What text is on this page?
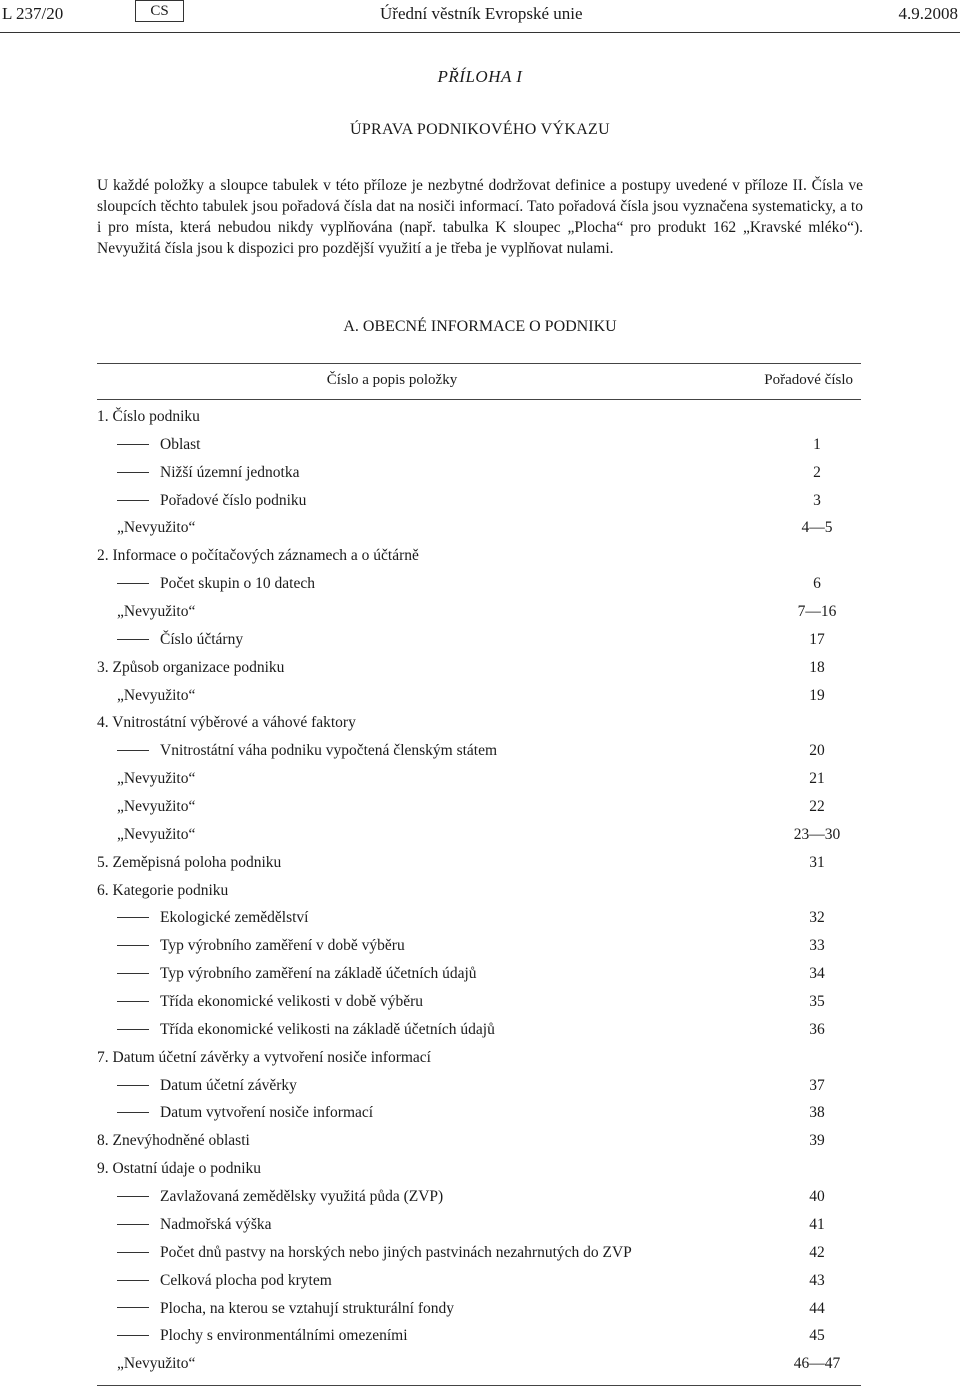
L 237/20	CS	Úřední věstník Evropské unie	4.9.2008
PŘÍLOHA I
ÚPRAVA PODNIKOVÉHO VÝKAZU
U každé položky a sloupce tabulek v této příloze je nezbytné dodržovat definice a postupy uvedené v příloze II. Čísla ve sloupcích těchto tabulek jsou pořadová čísla dat na nosiči informací. Tato pořadová čísla jsou vyznačena systematicky, a to i pro místa, která nebudou nikdy vyplňována (např. tabulka K sloupec „Plocha“ pro produkt 162 „Kravské mléko“). Nevyužitá čísla jsou k dispozici pro pozdější využití a je třeba je vyplňovat nulami.
A. OBECNÉ INFORMACE O PODNIKU
Číslo a popis položky	Pořadové číslo
1. Číslo podniku
Oblast	1
Nižší územní jednotka	2
Pořadové číslo podniku	3
„Nevyužito“	4—5
2. Informace o počítačových záznamech a o účtárně
Počet skupin o 10 datech	6
„Nevyužito“	7—16
Číslo účtárny	17
3. Způsob organizace podniku	18
„Nevyužito“	19
4. Vnitrostátní výběrové a váhové faktory
Vnitrostátní váha podniku vypočtená členským státem	20
„Nevyužito“	21
„Nevyužito“	22
„Nevyužito“	23—30
5. Zeměpisná poloha podniku	31
6. Kategorie podniku
Ekologické zemědělství	32
Typ výrobního zaměření v době výběru	33
Typ výrobního zaměření na základě účetních údajů	34
Třída ekonomické velikosti v době výběru	35
Třída ekonomické velikosti na základě účetních údajů	36
7. Datum účetní závěrky a vytvoření nosiče informací
Datum účetní závěrky	37
Datum vytvoření nosiče informací	38
8. Znevýhodněné oblasti	39
9. Ostatní údaje o podniku
Zavlažovaná zemědělsky využitá půda (ZVP)	40
Nadmořská výška	41
Počet dnů pastvy na horských nebo jiných pastvinách nezahrnutých do ZVP	42
Celková plocha pod krytem	43
Plocha, na kterou se vztahují strukturální fondy	44
Plochy s environmentálními omezeními	45
„Nevyužito“	46—47
